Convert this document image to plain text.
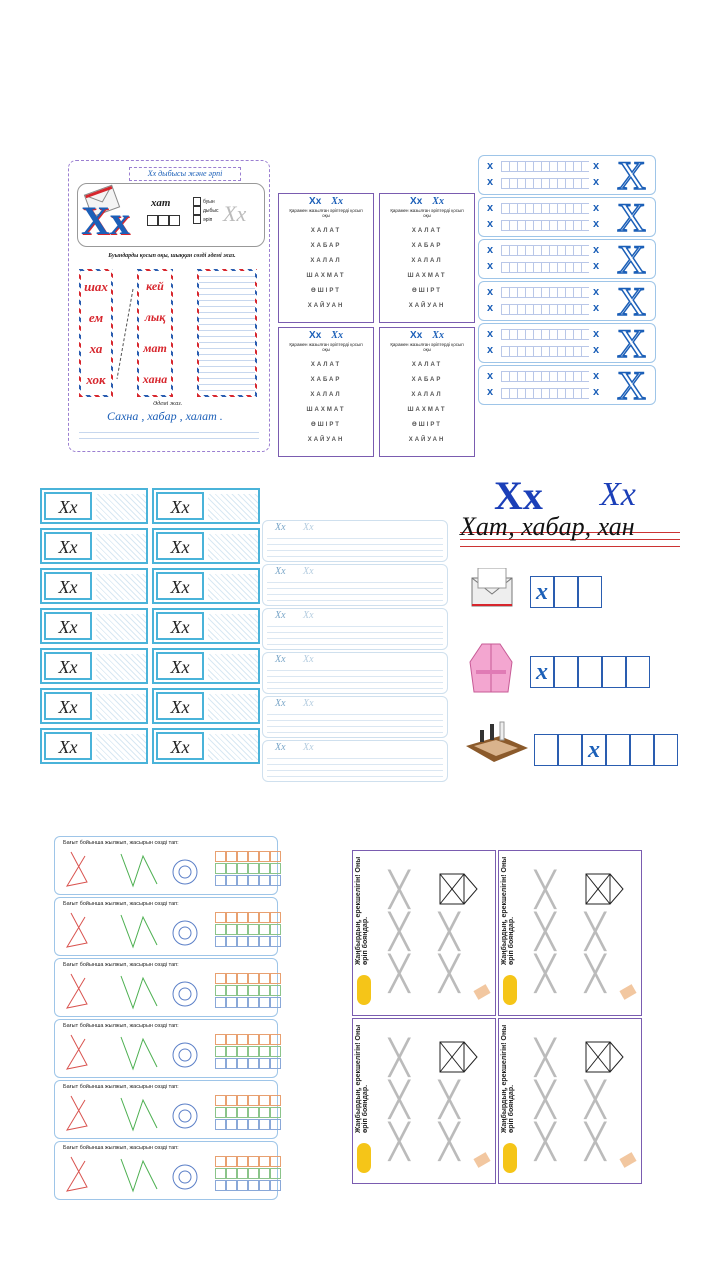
Хх дыбысы және әрпі
Хх хат	буын
дыбыс
әріп Хх
Буындарды қосып оқы, шыққан сөзді әдемі жаз.
шах
ем
ха
хок
кей
лық
мат
хана
Әдемі жаз.
Сахна , хабар , халат .
Хх Хх
Қарамен жазылған әріптерді қосып оқы
ХАЛАТ
ХАБАР
ХАЛАЛ
ШАХМАТ
ӨШІРТ
ХАЙУАН
Хх Хх
Қарамен жазылған әріптерді қосып оқы
ХАЛАТ
ХАБАР
ХАЛАЛ
ШАХМАТ
ӨШІРТ
ХАЙУАН
Хх Хх
Қарамен жазылған әріптерді қосып оқы
ХАЛАТ
ХАБАР
ХАЛАЛ
ШАХМАТ
ӨШІРТ
ХАЙУАН
Хх Хх
Қарамен жазылған әріптерді қосып оқы
ХАЛАТ
ХАБАР
ХАЛАЛ
ШАХМАТ
ӨШІРТ
ХАЙУАН
x
x
x
x X
x
x
x
x X
x
x
x
x X
x
x
x
x X
x
x
x
x X
x
x
x
x X
Хх
Хх
Хх
Хх
Хх
Хх
Хх
Хх
Хх
Хх
Хх
Хх
Хх
Хх
Хх Хх
Хх Хх
Хх Хх
Хх Хх
Хх Хх
Хх Хх
Xx Хх
Хат, хабар, хан
х
х
х
Бағыт бойынша жылжып, жасырын сөзді тап:
Бағыт бойынша жылжып, жасырын сөзді тап:
Бағыт бойынша жылжып, жасырын сөзді тап:
Бағыт бойынша жылжып, жасырын сөзді тап:
Бағыт бойынша жылжып, жасырын сөзді тап:
Бағыт бойынша жылжып, жасырын сөзді тап:
Жаңбырдың, ерекшелігін! Оны өріп бояндар.
╳
╳ ╳
╳ ╳
Жаңбырдың, ерекшелігін! Оны өріп бояндар.
╳
╳ ╳
╳ ╳
Жаңбырдың, ерекшелігін! Оны өріп бояндар.
╳
╳ ╳
╳ ╳
Жаңбырдың, ерекшелігін! Оны өріп бояндар.
╳
╳ ╳
╳ ╳
